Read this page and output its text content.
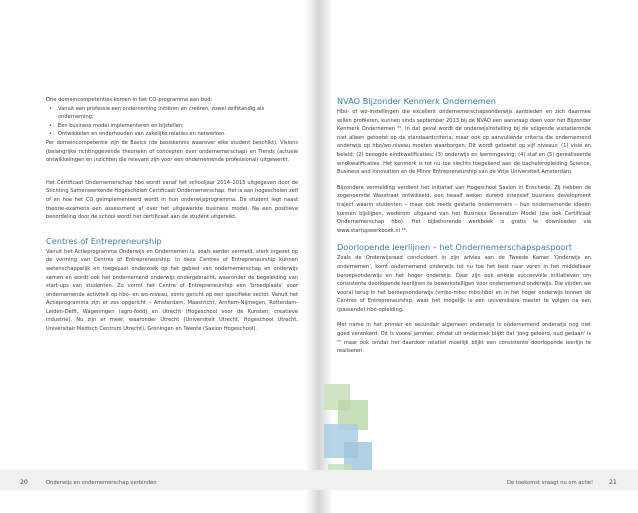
Drie domeincompetenties komen in het CO-programma aan bod:

• Vanuit een professie een onderneming initiëren en creëren, zowel zelfstandig als
onderneming;
• Een business model implementeren en bijstellen;
• Ontwikkelen en onderhouden van zakelijke relaties en netwerken.

Per domeincompetentie zijn de Basics (de basiskennis waarover elke student beschikt), Visions (belangrijke richtinggevende theorieën of concepten over ondernemerschap) en Trends (actuele ontwikkelingen en inzichten die relevant zijn voor een ondernemende professional) uitgewerkt.

Het Certificaat Ondernemerschap hbo wordt vanaf het schooljaar 2014–2015 uitgegeven door de Stichting Samenwerkende Hogescholen Certificaat Ondernemerschap. Het is aan hogescholen zelf of en hoe het CO geïmplementeerd wordt in hun onderwijsprogramma. De student legt naast theorie-examens een assessment af over het uitgewerkte business model. Na een positieve beoordeling door de school wordt het certificaat aan de student uitgereikt.

Centres of Entrepreneurship

Vanuit het Actieprogramma Onderwijs en Ondernemen is, zoals eerder vermeld, sterk ingezet op de vorming van Centres of Entrepreneurship. In deze Centres of Entrepreneurship kunnen wetenschappelijk en toegepast onderzoek op het gebied van ondernemerschap en onderwijs samen en wordt ook het ondernemend onderwijs ondergebracht, waaronder de begeleiding van start-ups van studenten. Zo vormt het Centre of Entrepreneurship een 'broedplaats' voor ondernemende activiteit op hbo- en wo-niveau, soms gericht op een specifieke sector. Vanuit het Actieprogramma zijn er zes opgericht – Amsterdam, Maastricht, Arnhem-Nijmegen, Rotterdam-Leiden-Delft, Wageningen (agro-food) en Utrecht (Hogeschool voor de Kunsten; creatieve industrie). Nu zijn er meer, waaronder Utrecht (Universiteit Utrecht, Hogeschool Utrecht, Universitair Medisch Centrum Utrecht), Groningen en Twente (Saxion Hogeschool).

20	Onderwijs en ondernemerschap verbinden
NVAO Bijzonder Kenmerk Ondernemen

Hbo- of wo-instellingen die excellent ondernemerschapsonderwijs aanbieden en zich daarmee willen profileren, kunnen sinds september 2013 bij de NVAO een aanvraag doen voor het Bijzonder Kenmerk Ondernemen ²⁵. In dat geval wordt de onderwijsinstelling bij de volgende visitatieronde niet alleen getoetst op de standaardcriteria, maar ook op aanvullende criteria die ondernemend onderwijs op hbo/wo-niveau moeten waarborgen. Dit wordt getoetst op vijf niveaus: (1) visie en beleid; (2) beoogde eindkwalificaties; (3) onderwijs en leeromgeving; (4) staf en (5) gerealiseerde eindkwalificaties. Het kenmerk is tot nu toe slechts toegekend aan de bacheloropleiding Science, Business and Innovation en de Minor Entrepreneurship van de Vrije Universiteit Amsterdam.

Bijzondere vermelding verdient het initiatief van Hogeschool Saxion in Enschede. Zij hebben de zogenoemde Wasstraat ontwikkeld, een twaalf weken durend intensief business development traject waarin studenten – maar ook reeds gestarte ondernemers – hun ondernemende ideeën kunnen bijslijpen, wederom uitgaand van het Business Generation Model (zie ook Certificaat Ondernemerschap hbo). Het bijbehorende werkboek is gratis te downloaden via www.startupwerkboek.nl ²⁶.

Doorlopende leerlijnen – het Ondernemerschapspaspoort

Zoals de Onderwijsraad concludeert in zijn advies aan de Tweede Kamer 'Onderwijs en ondernemen', komt ondernemend onderwijs tot nu toe het best naar voren in het middelbaar beroepsonderwijs en het hoger onderwijs. Daar zijn ook enkele succesvolle initiatieven om consistente doorlopende leerlijnen te bewerkstelligen voor ondernemend onderwijs. Die vinden we vooral terug in het beroepsonderwijs (vmbo-mbo; mbo-hbo) en in het hoger onderwijs binnen de Centres of Entrepreneurship, waar het mogelijk is een universitaire master te volgen na een (passende) hbo-opleiding.

Met name in het primair en secundair algemeen onderwijs is ondernemend onderwijs nog niet goed verankerd. Dit is vooral jammer, omdat uit onderzoek blijkt dat 'jong geleerd, oud gedaan' is ²⁷ maar ook omdat het daardoor relatief moeilijk blijkt een consistente doorlopende leerlijn te realiseren.

De toekomst vraagt nu om actie!	21
